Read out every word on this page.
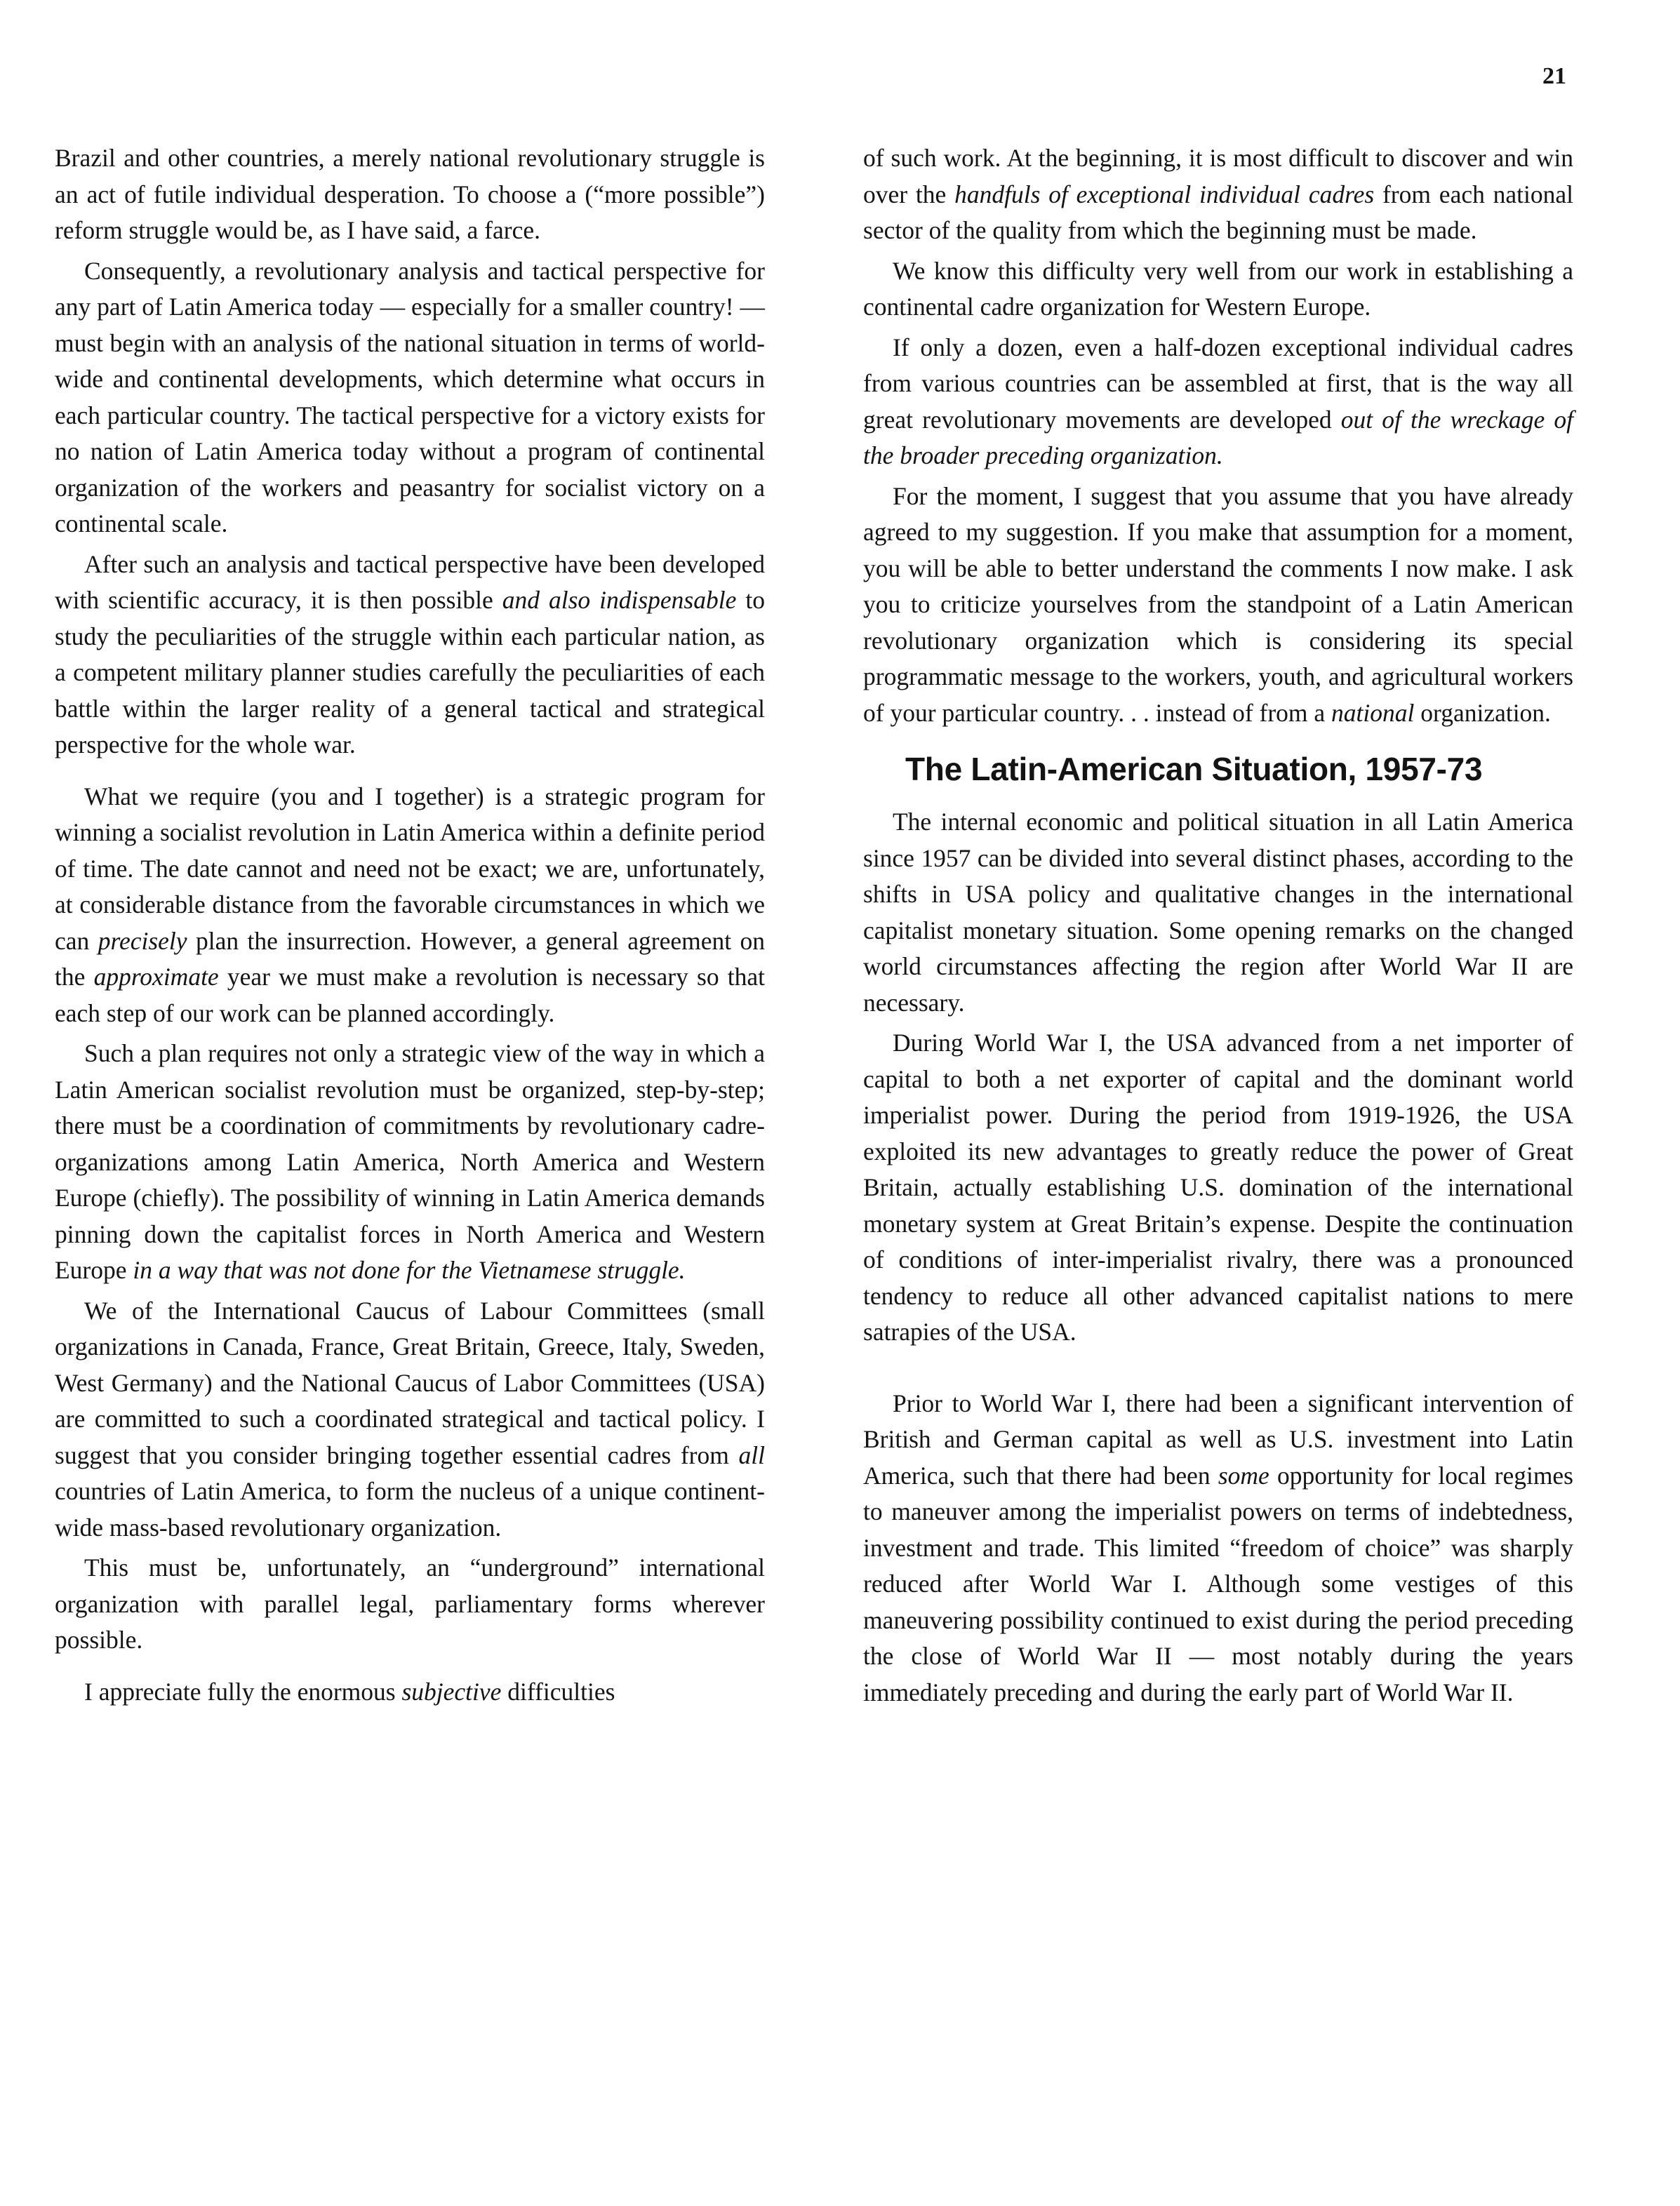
21

Brazil and other countries, a merely national revolutionary struggle is an act of futile individual desperation. To choose a (“more possible”) reform struggle would be, as I have said, a farce.

Consequently, a revolutionary analysis and tactical perspective for any part of Latin America today — especially for a smaller country! — must begin with an analysis of the national situation in terms of world-wide and continental developments, which determine what occurs in each particular country. The tactical perspective for a victory exists for no nation of Latin America today without a program of continental organization of the workers and peasantry for socialist victory on a continental scale.

After such an analysis and tactical perspective have been developed with scientific accuracy, it is then possible and also indispensable to study the peculiarities of the struggle within each particular nation, as a competent military planner studies carefully the peculiarities of each battle within the larger reality of a general tactical and strategical perspective for the whole war.

What we require (you and I together) is a strategic program for winning a socialist revolution in Latin America within a definite period of time. The date cannot and need not be exact; we are, unfortunately, at considerable distance from the favorable circumstances in which we can precisely plan the insurrection. However, a general agreement on the approximate year we must make a revolution is necessary so that each step of our work can be planned accordingly.

Such a plan requires not only a strategic view of the way in which a Latin American socialist revolution must be organized, step-by-step; there must be a coordination of commitments by revolutionary cadre-organizations among Latin America, North America and Western Europe (chiefly). The possibility of winning in Latin America demands pinning down the capitalist forces in North America and Western Europe in a way that was not done for the Vietnamese struggle.

We of the International Caucus of Labour Committees (small organizations in Canada, France, Great Britain, Greece, Italy, Sweden, West Germany) and the National Caucus of Labor Committees (USA) are committed to such a coordinated strategical and tactical policy. I suggest that you consider bringing together essential cadres from all countries of Latin America, to form the nucleus of a unique continent-wide mass-based revolutionary organization.

This must be, unfortunately, an “underground” international organization with parallel legal, parliamentary forms wherever possible.

I appreciate fully the enormous subjective difficulties

of such work. At the beginning, it is most difficult to discover and win over the handfuls of exceptional individual cadres from each national sector of the quality from which the beginning must be made.

We know this difficulty very well from our work in establishing a continental cadre organization for Western Europe.

If only a dozen, even a half-dozen exceptional individual cadres from various countries can be assembled at first, that is the way all great revolutionary movements are developed out of the wreckage of the broader preceding organization.

For the moment, I suggest that you assume that you have already agreed to my suggestion. If you make that assumption for a moment, you will be able to better understand the comments I now make. I ask you to criticize yourselves from the standpoint of a Latin American revolutionary organization which is considering its special programmatic message to the workers, youth, and agricultural workers of your particular country. . . instead of from a national organization.

The Latin-American Situation, 1957-73

The internal economic and political situation in all Latin America since 1957 can be divided into several distinct phases, according to the shifts in USA policy and qualitative changes in the international capitalist monetary situation. Some opening remarks on the changed world circumstances affecting the region after World War II are necessary.

During World War I, the USA advanced from a net importer of capital to both a net exporter of capital and the dominant world imperialist power. During the period from 1919-1926, the USA exploited its new advantages to greatly reduce the power of Great Britain, actually establishing U.S. domination of the international monetary system at Great Britain’s expense. Despite the continuation of conditions of inter-imperialist rivalry, there was a pronounced tendency to reduce all other advanced capitalist nations to mere satrapies of the USA.

Prior to World War I, there had been a significant intervention of British and German capital as well as U.S. investment into Latin America, such that there had been some opportunity for local regimes to maneuver among the imperialist powers on terms of indebtedness, investment and trade. This limited “freedom of choice” was sharply reduced after World War I. Although some vestiges of this maneuvering possibility continued to exist during the period preceding the close of World War II — most notably during the years immediately preceding and during the early part of World War II.
